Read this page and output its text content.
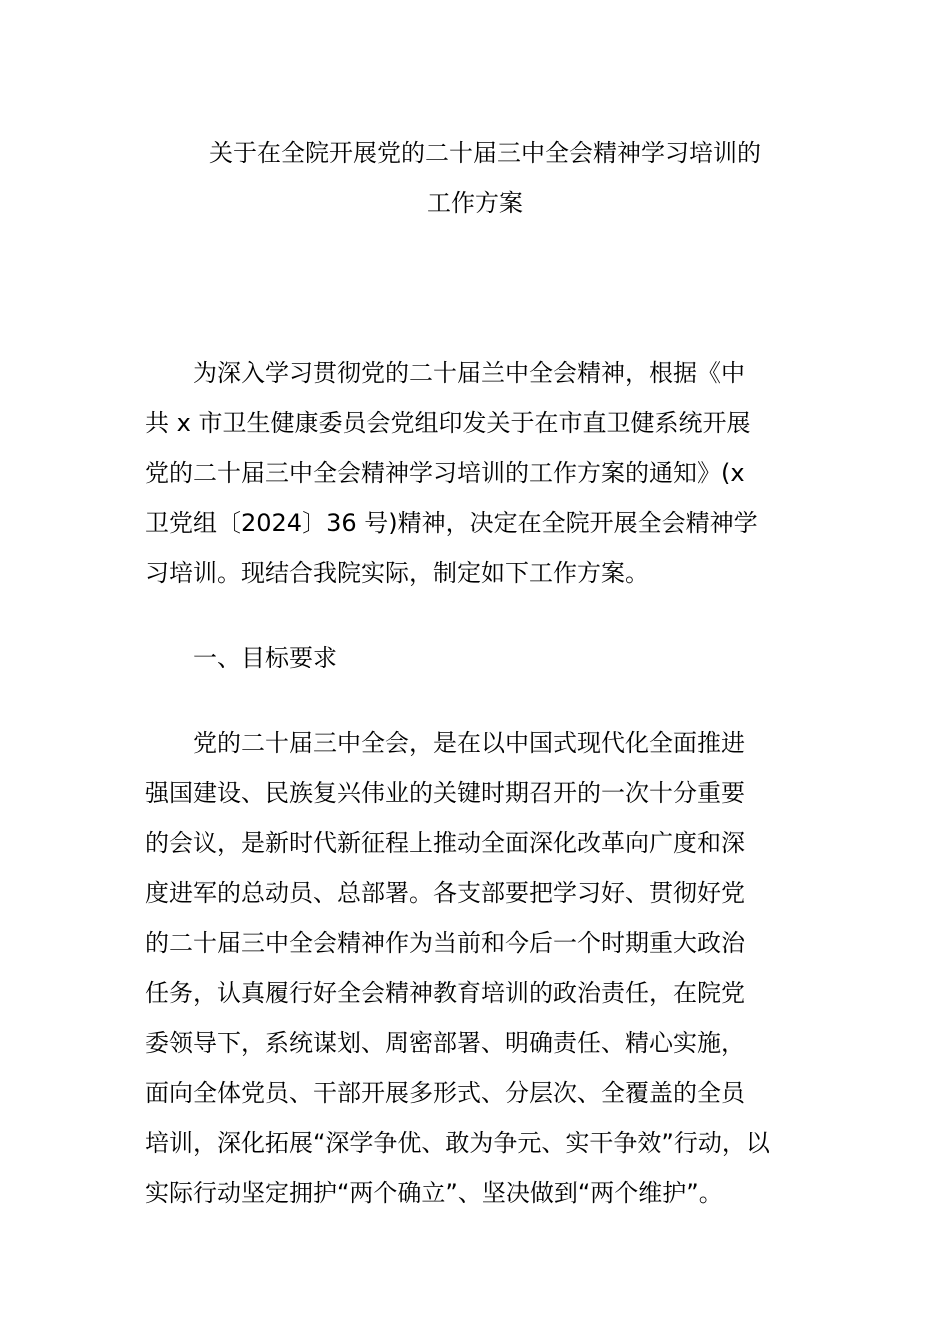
关于在全院开展党的二十届三中全会精神学习培训的
工作方案
为深入学习贯彻党的二十届兰中全会精神，根据《中
共 x 市卫生健康委员会党组印发关于在市直卫健系统开展
党的二十届三中全会精神学习培训的工作方案的通知》(x
卫党组〔2024〕36 号)精神，决定在全院开展全会精神学
习培训。现结合我院实际，制定如下工作方案。
一、目标要求
党的二十届三中全会，是在以中国式现代化全面推进
强国建设、民族复兴伟业的关键时期召开的一次十分重要
的会议，是新时代新征程上推动全面深化改革向广度和深
度进军的总动员、总部署。各支部要把学习好、贯彻好党
的二十届三中全会精神作为当前和今后一个时期重大政治
任务，认真履行好全会精神教育培训的政治责任，在院党
委领导下，系统谋划、周密部署、明确责任、精心实施，
面向全体党员、干部开展多形式、分层次、全覆盖的全员
培训，深化拓展“深学争优、敢为争元、实干争效”行动，以
实际行动坚定拥护“两个确立”、坚决做到“两个维护”。
